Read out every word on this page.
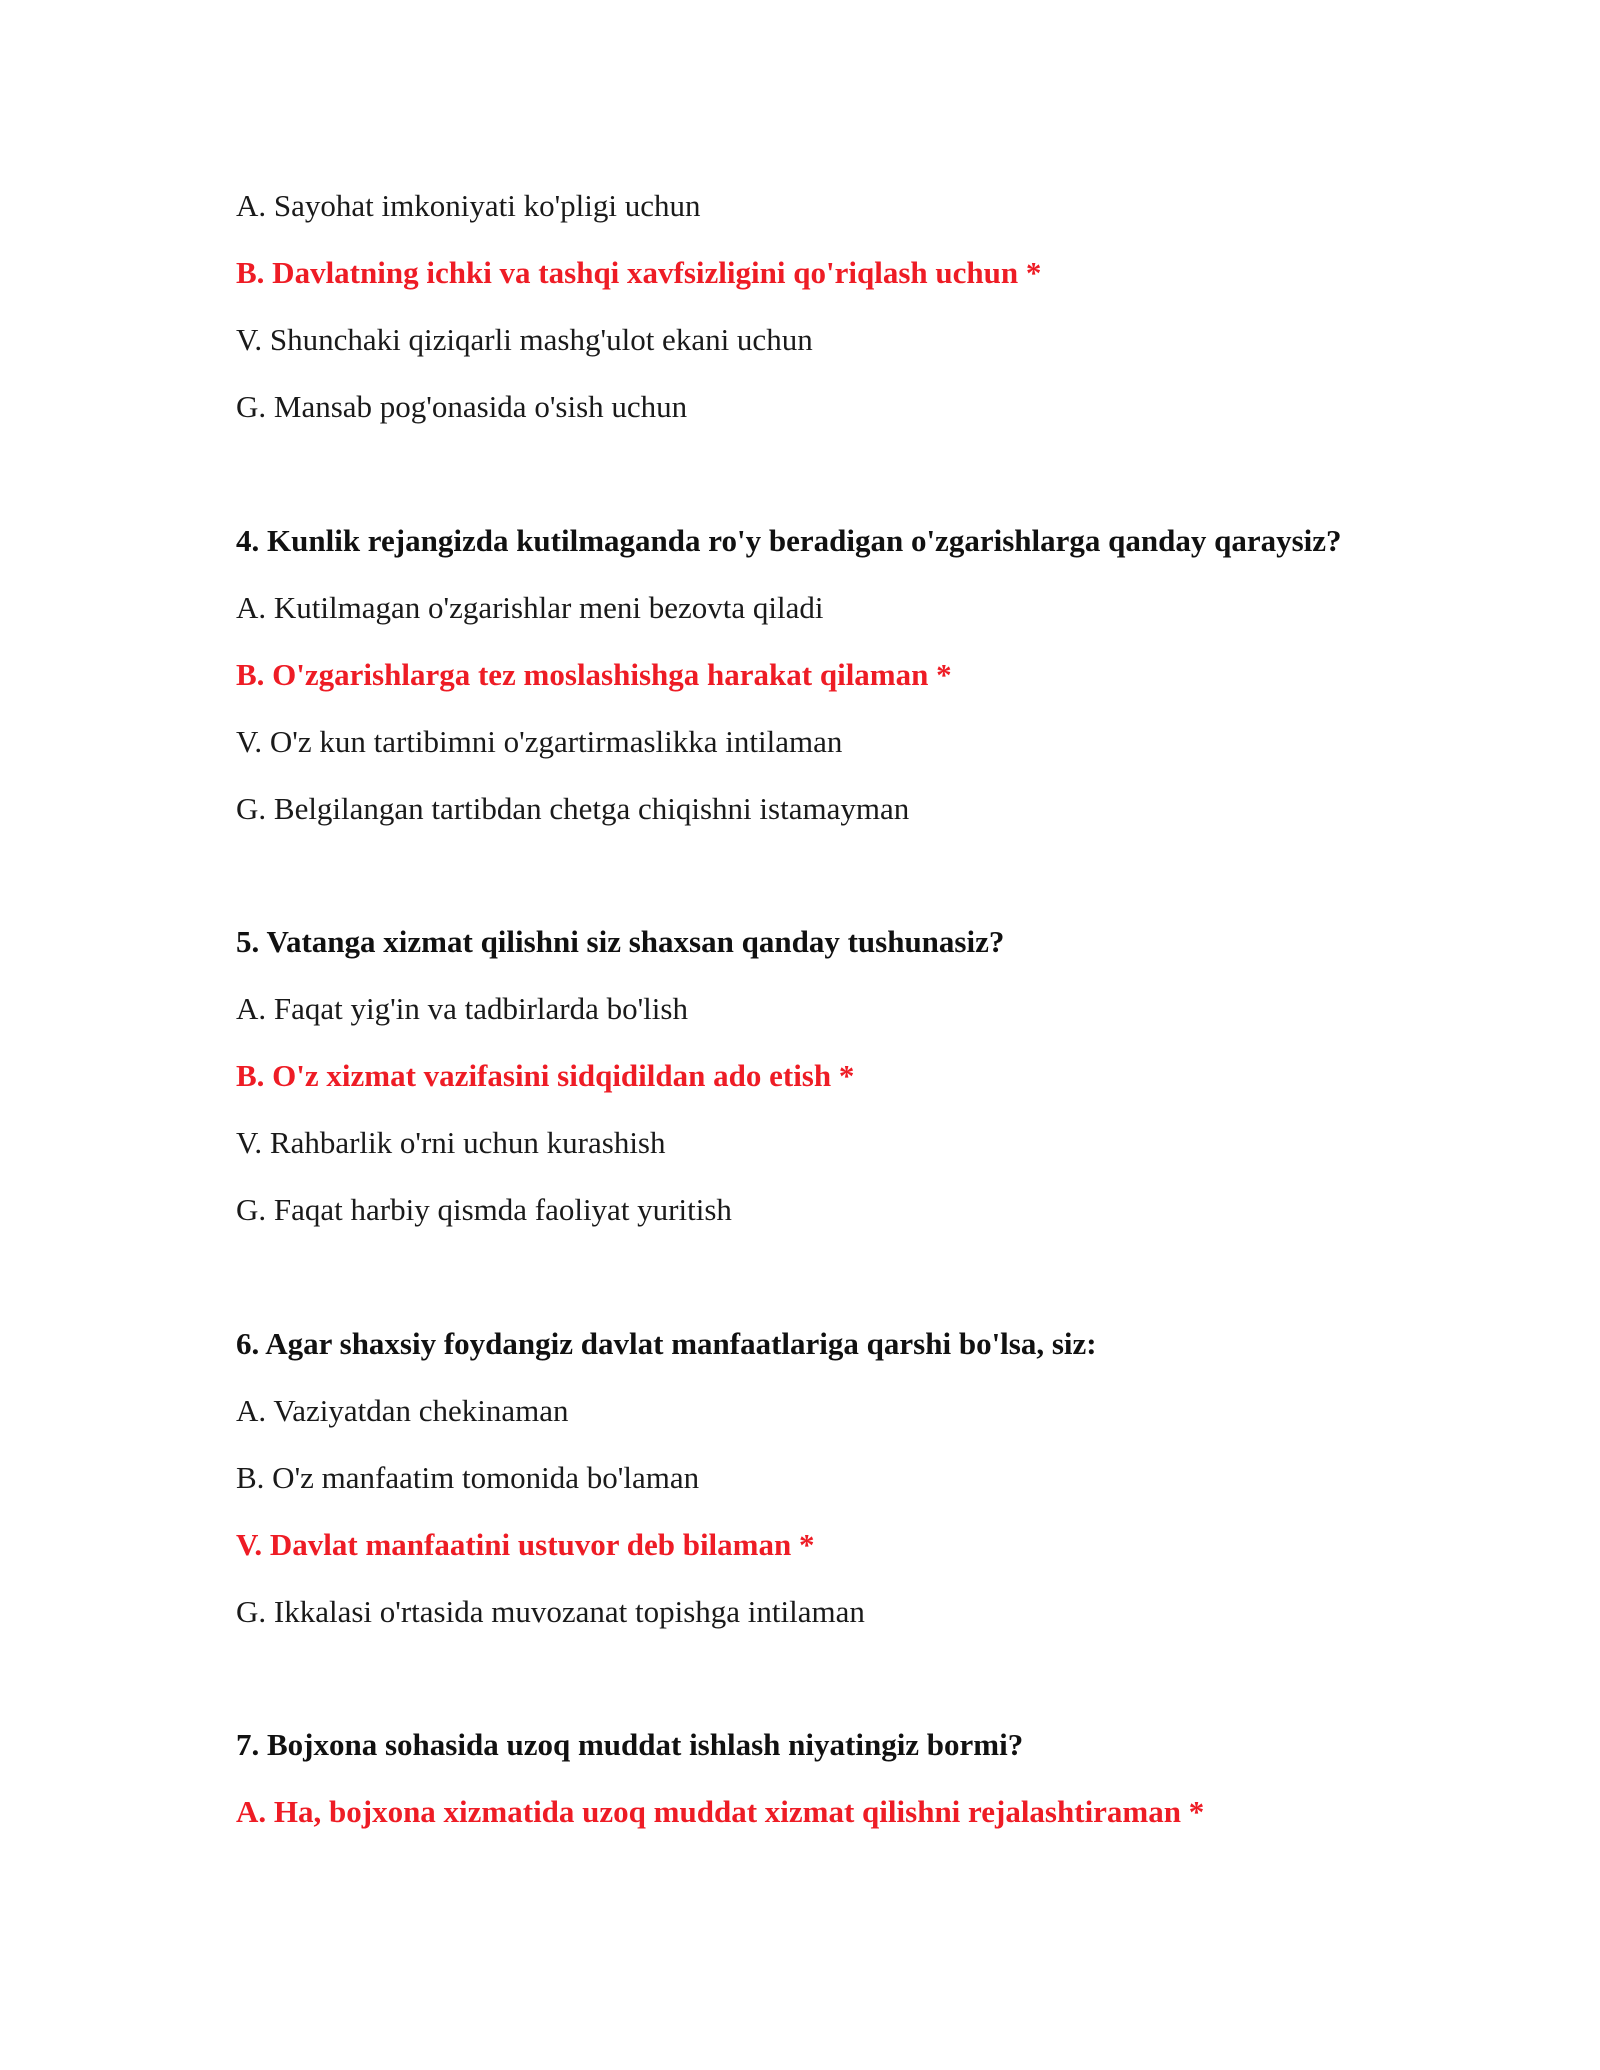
A. Sayohat imkoniyati ko'pligi uchun
B. Davlatning ichki va tashqi xavfsizligini qo'riqlash uchun *
V. Shunchaki qiziqarli mashg'ulot ekani uchun
G. Mansab pog'onasida o'sish uchun
4. Kunlik rejangizda kutilmaganda ro'y beradigan o'zgarishlarga qanday qaraysiz?
A. Kutilmagan o'zgarishlar meni bezovta qiladi
B. O'zgarishlarga tez moslashishga harakat qilaman *
V. O'z kun tartibimni o'zgartirmaslikka intilaman
G. Belgilangan tartibdan chetga chiqishni istamayman
5. Vatanga xizmat qilishni siz shaxsan qanday tushunasiz?
A. Faqat yig'in va tadbirlarda bo'lish
B. O'z xizmat vazifasini sidqidildan ado etish *
V. Rahbarlik o'rni uchun kurashish
G. Faqat harbiy qismda faoliyat yuritish
6. Agar shaxsiy foydangiz davlat manfaatlariga qarshi bo'lsa, siz:
A. Vaziyatdan chekinaman
B. O'z manfaatim tomonida bo'laman
V. Davlat manfaatini ustuvor deb bilaman *
G. Ikkalasi o'rtasida muvozanat topishga intilaman
7. Bojxona sohasida uzoq muddat ishlash niyatingiz bormi?
A. Ha, bojxona xizmatida uzoq muddat xizmat qilishni rejalashtiraman *
